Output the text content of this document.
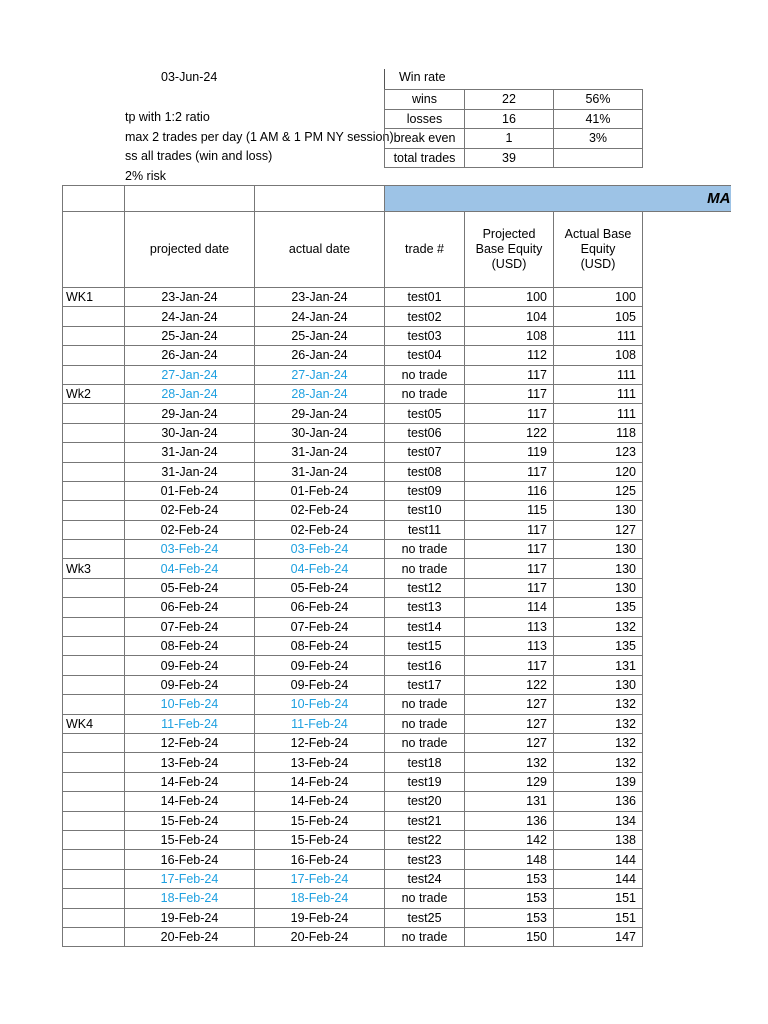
03-Jun-24
tp with 1:2 ratio
max 2 trades per day (1 AM & 1 PM NY session)
ss all trades (win and loss)
2% risk
Win rate
wins	22	56%
losses	16	41%
break even	1	3%
total trades	39	
			MA			
	projected date	actual date	trade #	Projected Base Equity (USD)	Actual Base Equity (USD)	
WK1	23-Jan-24	23-Jan-24	test01	100	100	
	24-Jan-24	24-Jan-24	test02	104	105	
	25-Jan-24	25-Jan-24	test03	108	111	
	26-Jan-24	26-Jan-24	test04	112	108	
	27-Jan-24	27-Jan-24	no trade	117	111	
Wk2	28-Jan-24	28-Jan-24	no trade	117	111	
	29-Jan-24	29-Jan-24	test05	117	111	
	30-Jan-24	30-Jan-24	test06	122	118	
	31-Jan-24	31-Jan-24	test07	119	123	
	31-Jan-24	31-Jan-24	test08	117	120	
	01-Feb-24	01-Feb-24	test09	116	125	
	02-Feb-24	02-Feb-24	test10	115	130	
	02-Feb-24	02-Feb-24	test11	117	127	
	03-Feb-24	03-Feb-24	no trade	117	130	
Wk3	04-Feb-24	04-Feb-24	no trade	117	130	
	05-Feb-24	05-Feb-24	test12	117	130	
	06-Feb-24	06-Feb-24	test13	114	135	
	07-Feb-24	07-Feb-24	test14	113	132	
	08-Feb-24	08-Feb-24	test15	113	135	
	09-Feb-24	09-Feb-24	test16	117	131	
	09-Feb-24	09-Feb-24	test17	122	130	
	10-Feb-24	10-Feb-24	no trade	127	132	
WK4	11-Feb-24	11-Feb-24	no trade	127	132	
	12-Feb-24	12-Feb-24	no trade	127	132	
	13-Feb-24	13-Feb-24	test18	132	132	
	14-Feb-24	14-Feb-24	test19	129	139	
	14-Feb-24	14-Feb-24	test20	131	136	
	15-Feb-24	15-Feb-24	test21	136	134	
	15-Feb-24	15-Feb-24	test22	142	138	
	16-Feb-24	16-Feb-24	test23	148	144	
	17-Feb-24	17-Feb-24	test24	153	144	
	18-Feb-24	18-Feb-24	no trade	153	151	
	19-Feb-24	19-Feb-24	test25	153	151	
	20-Feb-24	20-Feb-24	no trade	150	147	
